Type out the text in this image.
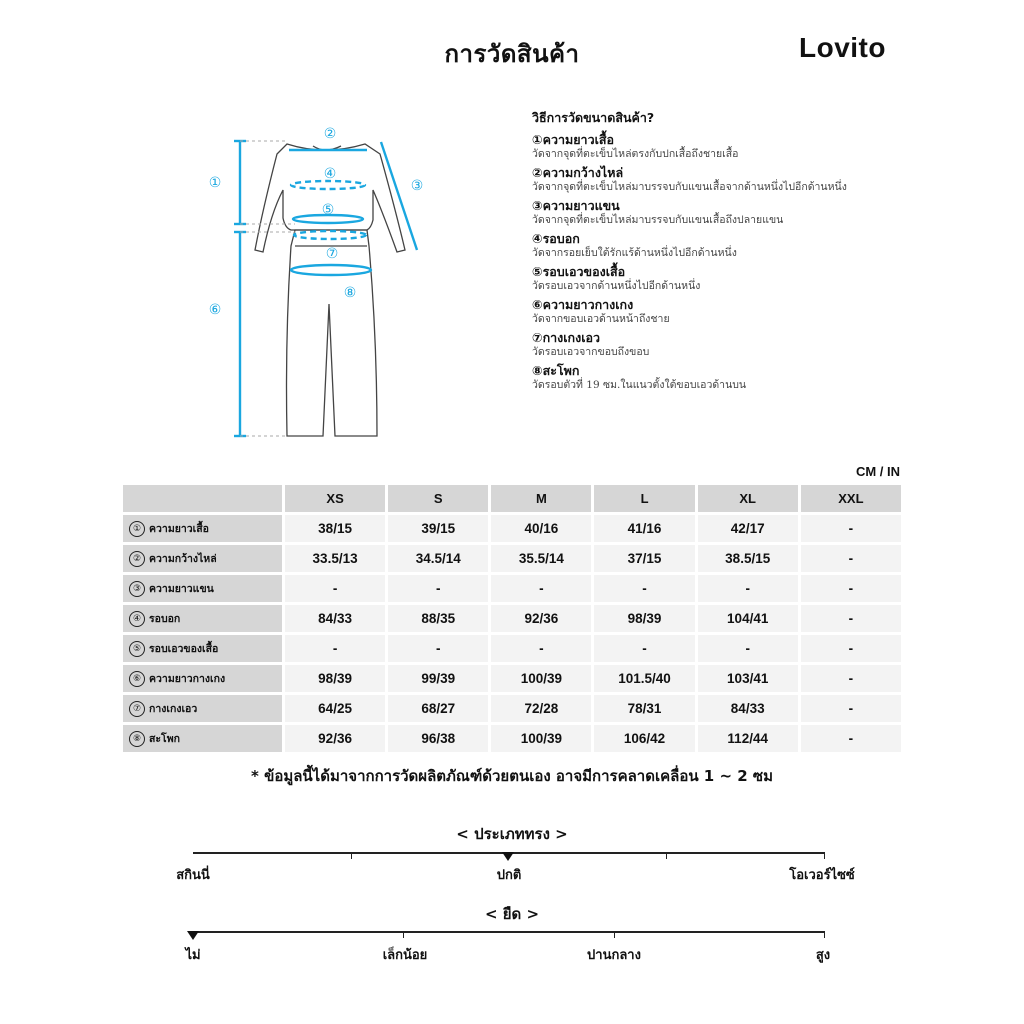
การวัดสินค้า	Lovito
①
②
③
④
⑤
⑥
⑦
⑧
วิธีการวัดขนาดสินค้า?
①ความยาวเสื้อ
วัดจากจุดที่ตะเข็บไหล่ตรงกับปกเสื้อถึงชายเสื้อ
②ความกว้างไหล่
วัดจากจุดที่ตะเข็บไหล่มาบรรจบกับแขนเสื้อจากด้านหนึ่งไปอีกด้านหนึ่ง
③ความยาวแขน
วัดจากจุดที่ตะเข็บไหล่มาบรรจบกับแขนเสื้อถึงปลายแขน
④รอบอก
วัดจากรอยเย็บใต้รักแร้ด้านหนึ่งไปอีกด้านหนึ่ง
⑤รอบเอวของเสื้อ
วัดรอบเอวจากด้านหนึ่งไปอีกด้านหนึ่ง
⑥ความยาวกางเกง
วัดจากขอบเอวด้านหน้าถึงชาย
⑦กางเกงเอว
วัดรอบเอวจากขอบถึงขอบ
⑧สะโพก
วัดรอบตัวที่ 19 ซม.ในแนวตั้งใต้ขอบเอวด้านบน
CM / IN
	XS	S	M	L	XL	XXL
① ความยาวเสื้อ	38/15	39/15	40/16	41/16	42/17	-
② ความกว้างไหล่	33.5/13	34.5/14	35.5/14	37/15	38.5/15	-
③ ความยาวแขน	-	-	-	-	-	-
④ รอบอก	84/33	88/35	92/36	98/39	104/41	-
⑤ รอบเอวของเสื้อ	-	-	-	-	-	-
⑥ ความยาวกางเกง	98/39	99/39	100/39	101.5/40	103/41	-
⑦ กางเกงเอว	64/25	68/27	72/28	78/31	84/33	-
⑧ สะโพก	92/36	96/38	100/39	106/42	112/44	-
* ข้อมูลนี้ได้มาจากการวัดผลิตภัณฑ์ด้วยตนเอง อาจมีการคลาดเคลื่อน 1 ~ 2 ซม
< ประเภททรง >
สกินนี่	ปกติ	โอเวอร์ไซซ์
< ยืด >
ไม่	เล็กน้อย	ปานกลาง	สูง
